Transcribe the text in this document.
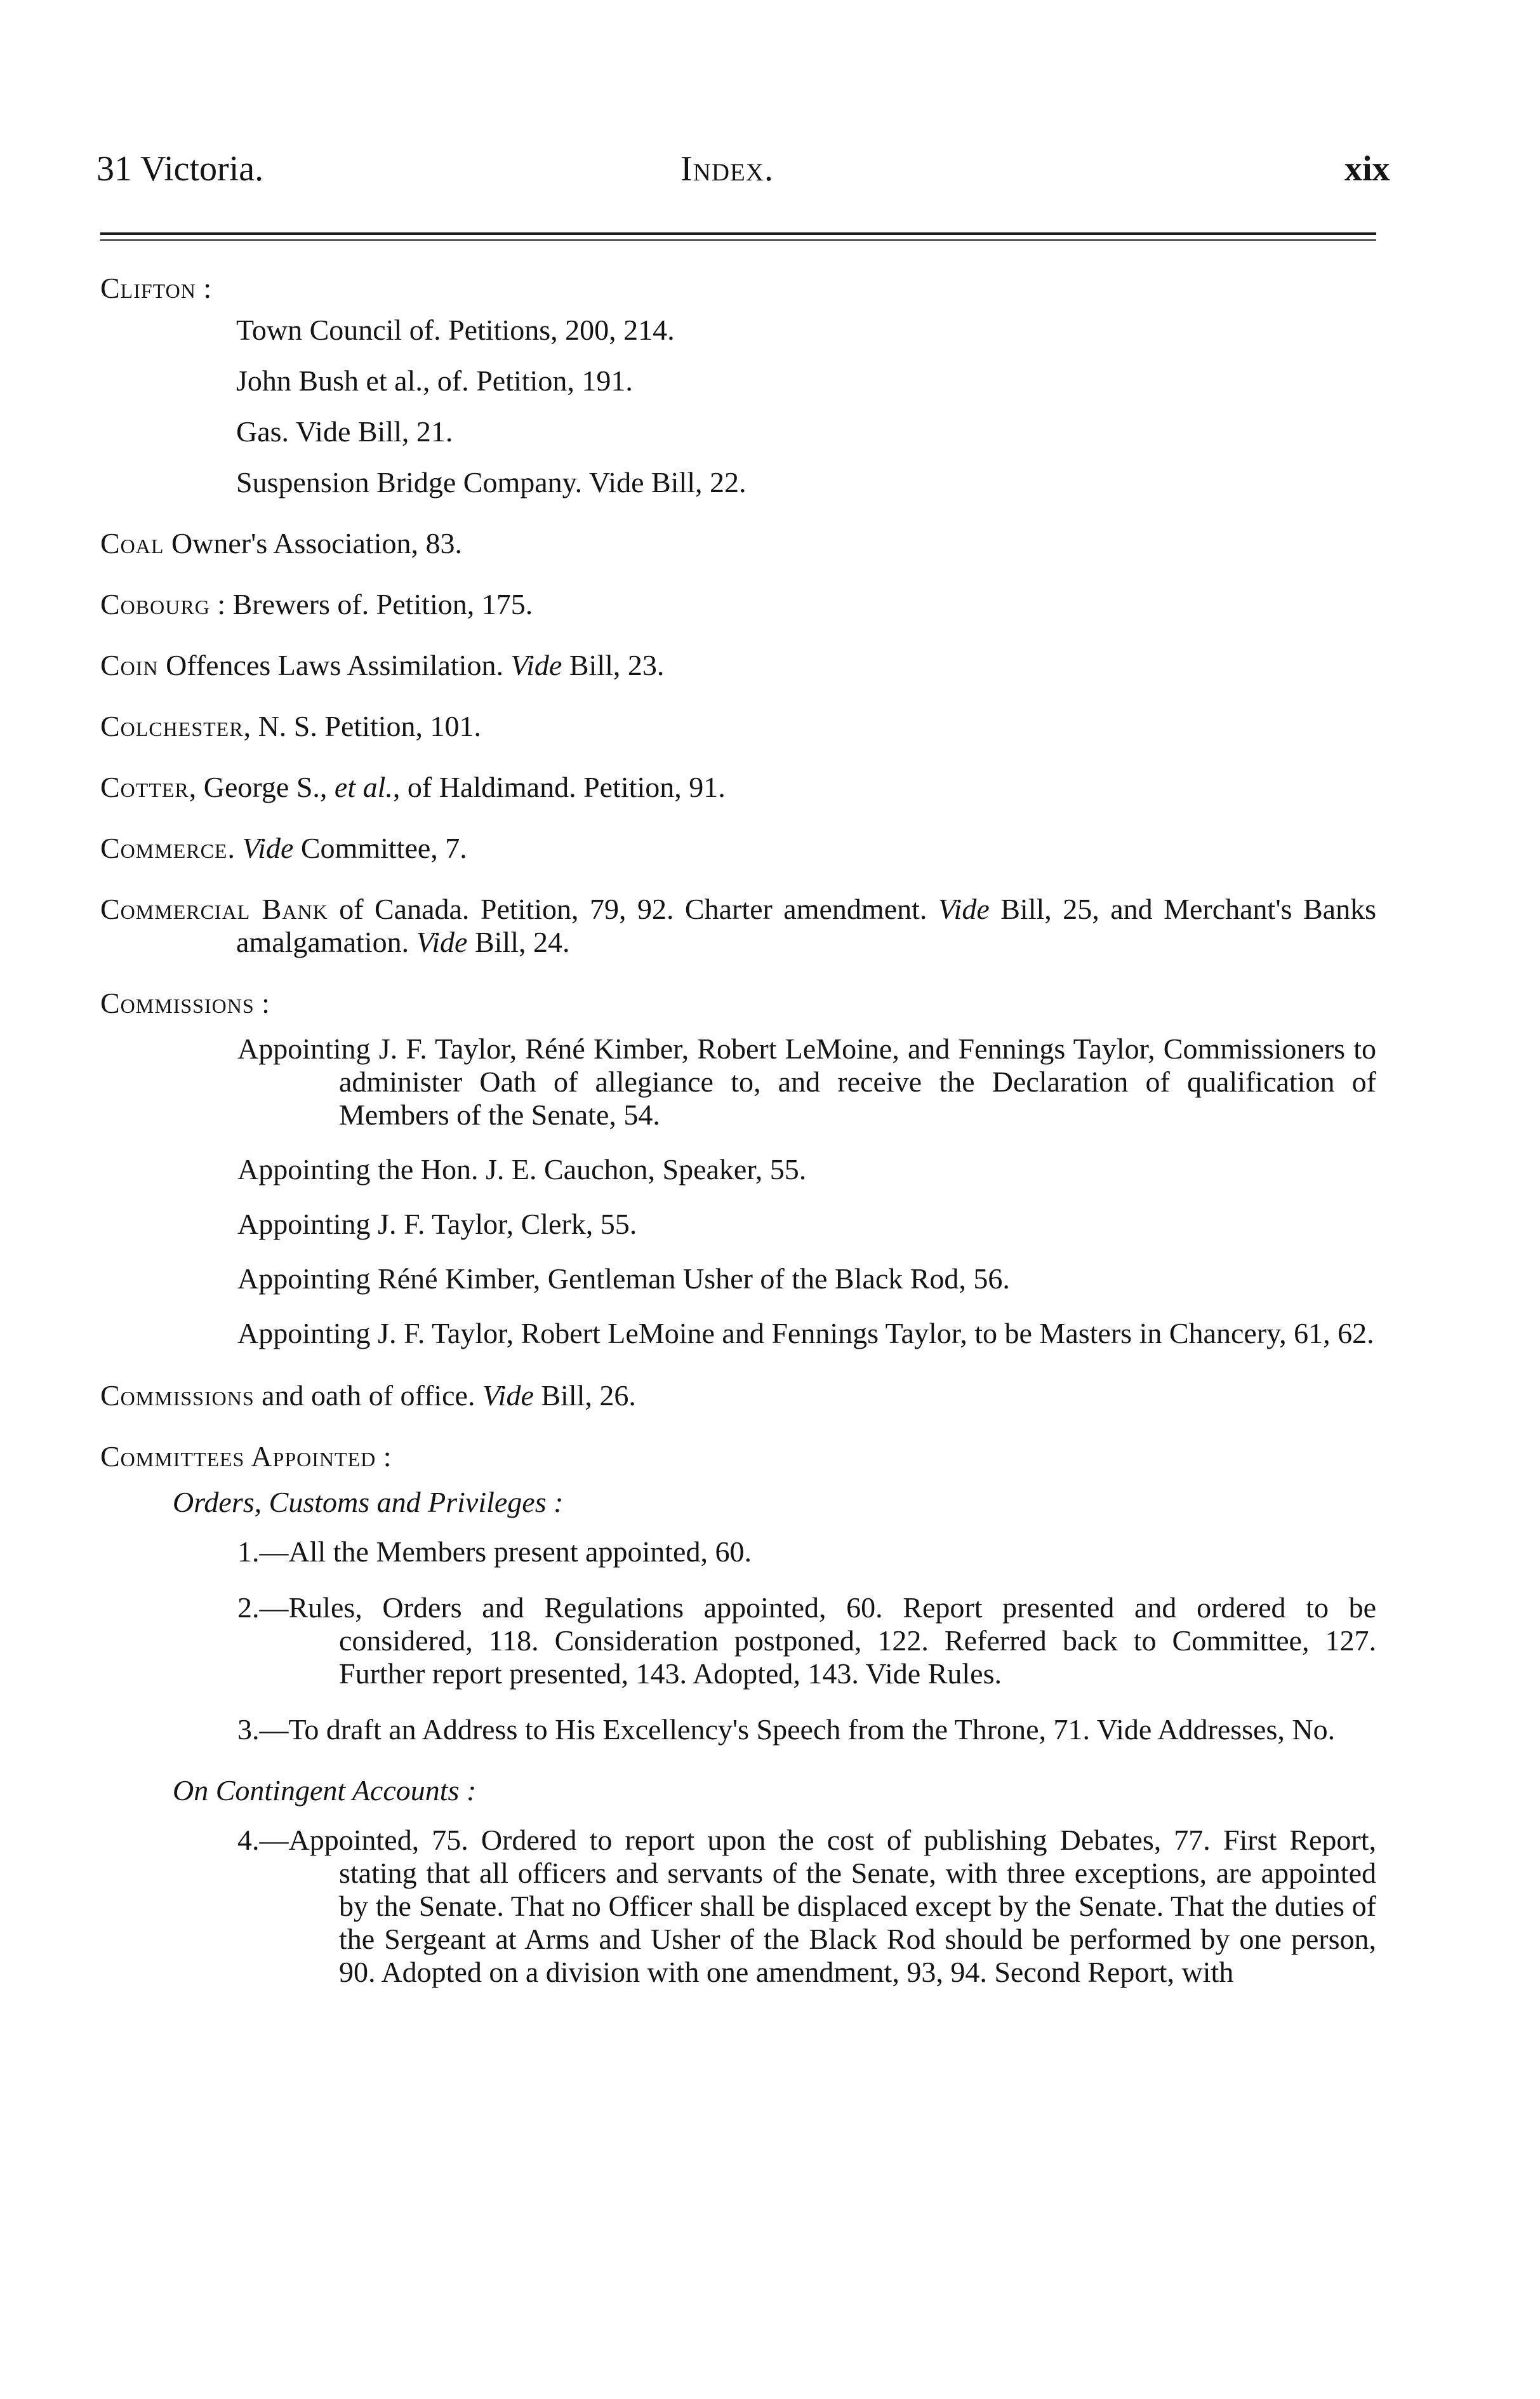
31 Victoria.	Index.	xix
Clifton :
Town Council of. Petitions, 200, 214.
John Bush et al., of. Petition, 191.
Gas. Vide Bill, 21.
Suspension Bridge Company. Vide Bill, 22.
Coal Owner's Association, 83.
Cobourg : Brewers of. Petition, 175.
Coin Offences Laws Assimilation. Vide Bill, 23.
Colchester, N. S. Petition, 101.
Cotter, George S., et al., of Haldimand. Petition, 91.
Commerce. Vide Committee, 7.
Commercial Bank of Canada. Petition, 79, 92. Charter amendment. Vide Bill, 25, and Merchant's Banks amalgamation. Vide Bill, 24.
Commissions :
Appointing J. F. Taylor, Réné Kimber, Robert LeMoine, and Fennings Taylor, Commissioners to administer Oath of allegiance to, and receive the Declaration of qualification of Members of the Senate, 54.
Appointing the Hon. J. E. Cauchon, Speaker, 55.
Appointing J. F. Taylor, Clerk, 55.
Appointing Réné Kimber, Gentleman Usher of the Black Rod, 56.
Appointing J. F. Taylor, Robert LeMoine and Fennings Taylor, to be Masters in Chancery, 61, 62.
Commissions and oath of office. Vide Bill, 26.
Committees Appointed :
Orders, Customs and Privileges :
1.—All the Members present appointed, 60.
2.—Rules, Orders and Regulations appointed, 60. Report presented and ordered to be considered, 118. Consideration postponed, 122. Referred back to Committee, 127. Further report presented, 143. Adopted, 143. Vide Rules.
3.—To draft an Address to His Excellency's Speech from the Throne, 71. Vide Addresses, No.
On Contingent Accounts :
4.—Appointed, 75. Ordered to report upon the cost of publishing Debates, 77. First Report, stating that all officers and servants of the Senate, with three exceptions, are appointed by the Senate. That no Officer shall be displaced except by the Senate. That the duties of the Sergeant at Arms and Usher of the Black Rod should be performed by one person, 90. Adopted on a division with one amendment, 93, 94. Second Report, with
